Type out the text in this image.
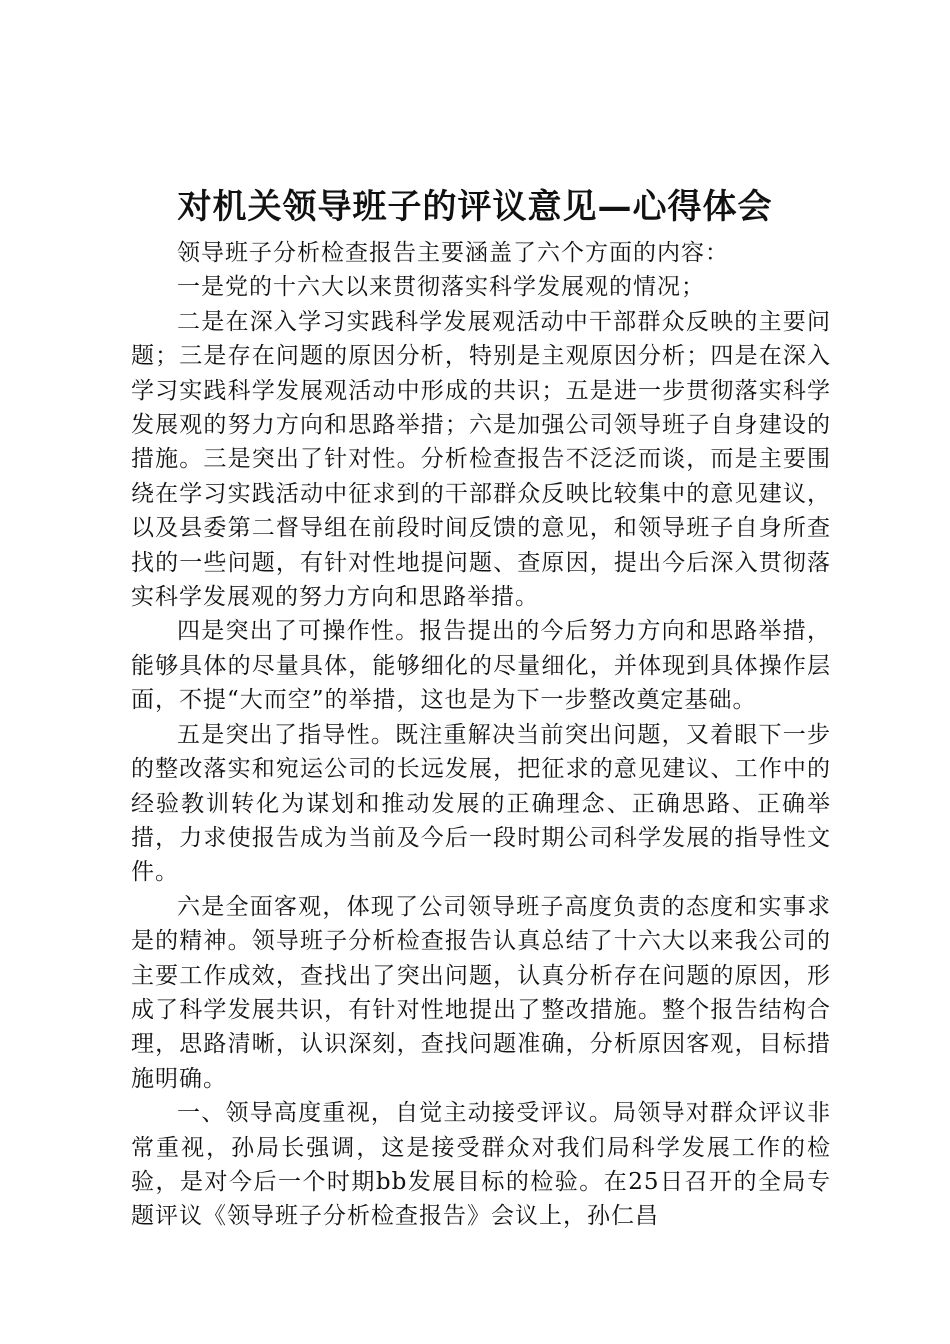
对机关领导班子的评议意见—心得体会

领导班子分析检查报告主要涵盖了六个方面的内容：

一是党的十六大以来贯彻落实科学发展观的情况；

二是在深入学习实践科学发展观活动中干部群众反映的主要问题；三是存在问题的原因分析，特别是主观原因分析；四是在深入学习实践科学发展观活动中形成的共识；五是进一步贯彻落实科学发展观的努力方向和思路举措；六是加强公司领导班子自身建设的措施。三是突出了针对性。分析检查报告不泛泛而谈，而是主要围绕在学习实践活动中征求到的干部群众反映比较集中的意见建议，以及县委第二督导组在前段时间反馈的意见，和领导班子自身所查找的一些问题，有针对性地提问题、查原因，提出今后深入贯彻落实科学发展观的努力方向和思路举措。

四是突出了可操作性。报告提出的今后努力方向和思路举措，能够具体的尽量具体，能够细化的尽量细化，并体现到具体操作层面，不提“大而空”的举措，这也是为下一步整改奠定基础。

五是突出了指导性。既注重解决当前突出问题，又着眼下一步的整改落实和宛运公司的长远发展，把征求的意见建议、工作中的经验教训转化为谋划和推动发展的正确理念、正确思路、正确举措，力求使报告成为当前及今后一段时期公司科学发展的指导性文件。

六是全面客观，体现了公司领导班子高度负责的态度和实事求是的精神。领导班子分析检查报告认真总结了十六大以来我公司的主要工作成效，查找出了突出问题，认真分析存在问题的原因，形成了科学发展共识，有针对性地提出了整改措施。整个报告结构合理，思路清晰，认识深刻，查找问题准确，分析原因客观，目标措施明确。

一、领导高度重视，自觉主动接受评议。局领导对群众评议非常重视，孙局长强调，这是接受群众对我们局科学发展工作的检验，是对今后一个时期bb发展目标的检验。在25日召开的全局专题评议《领导班子分析检查报告》会议上，孙仁昌
